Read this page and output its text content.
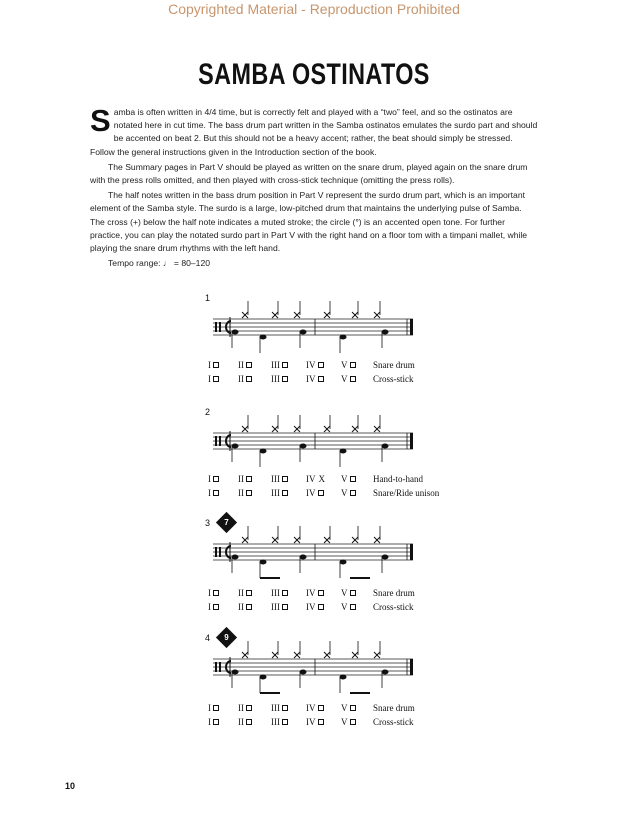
Copyrighted Material - Reproduction Prohibited
SAMBA OSTINATOS
Samba is often written in 4/4 time, but is correctly felt and played with a “two” feel, and so the ostinatos are notated here in cut time. The bass drum part written in the Samba ostinatos emulates the surdo part and should be accented on beat 2. But this should not be a heavy accent; rather, the beat should simply be stressed. Follow the general instructions given in the Introduction section of the book.
The Summary pages in Part V should be played as written on the snare drum, played again on the snare drum with the press rolls omitted, and then played with cross-stick technique (omitting the press rolls).
The half notes written in the bass drum position in Part V represent the surdo drum part, which is an important element of the Samba style. The surdo is a large, low-pitched drum that maintains the underlying pulse of Samba. The cross (+) below the half note indicates a muted stroke; the circle (°) is an accented open tone. For further practice, you can play the notated surdo part in Part V with the right hand on a floor tom with a timpani mallet, while playing the snare drum rhythms with the left hand.
Tempo range: ♩ = 80–120
1
I	II	III	IV	V	Snare drum
I	II	III	IV	V	Cross-stick
2
I	II	III	IV X V	Hand-to-hand
I	II	III	IV	V	Snare/Ride unison
3	7
I	II	III	IV	V	Snare drum
I	II	III	IV	V	Cross-stick
4	9
I	II	III	IV	V	Snare drum
I	II	III	IV	V	Cross-stick
10
